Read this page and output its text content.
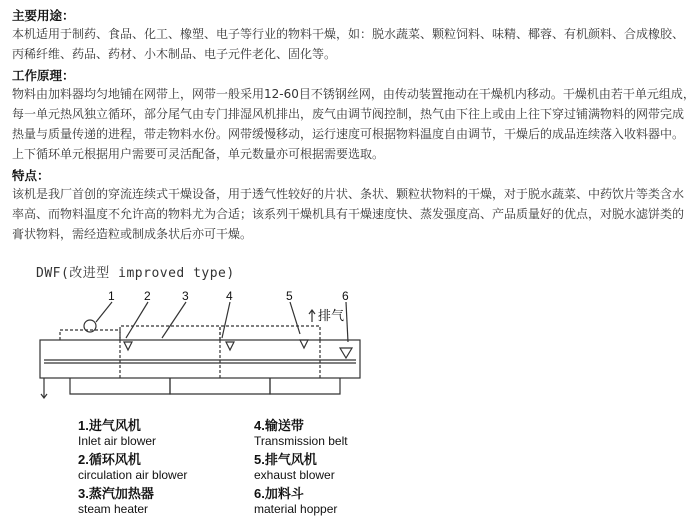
主要用途：
本机适用于制药、食品、化工、橡塑、电子等行业的物料干燥，如：脱水蔬菜、颗粒饲料、味精、椰蓉、有机颜料、合成橡胶、
丙稀纤维、药品、药材、小木制品、电子元件老化、固化等。
工作原理：
物料由加料器均匀地铺在网带上，网带一般采用12-60目不锈钢丝网，由传动装置拖动在干燥机内移动。干燥机由若干单元组成，
每一单元热风独立循环，部分尾气由专门排湿风机排出，废气由调节阀控制，热气由下往上或由上往下穿过铺满物料的网带完成
热量与质量传递的进程，带走物料水份。网带缓慢移动，运行速度可根据物料温度自由调节，干燥后的成品连续落入收料器中。
上下循环单元根据用户需要可灵活配备，单元数量亦可根据需要选取。
特点：
该机是我厂首创的穿流连续式干燥设备，用于透气性较好的片状、条状、颗粒状物料的干燥，对于脱水蔬菜、中药饮片等类含水
率高、而物料温度不允许高的物料尤为合适；该系列干燥机具有干燥速度快、蒸发强度高、产品质量好的优点，对脱水滤饼类的
膏状物料，需经造粒或制成条状后亦可干燥。
DWF(改进型 improved type)
1 2	3	4	5	6
排气
1.进气风机
Inlet air blower
2.循环风机
circulation air blower
3.蒸汽加热器
steam heater
4.输送带
Transmission belt
5.排气风机
exhaust blower
6.加料斗
material hopper
